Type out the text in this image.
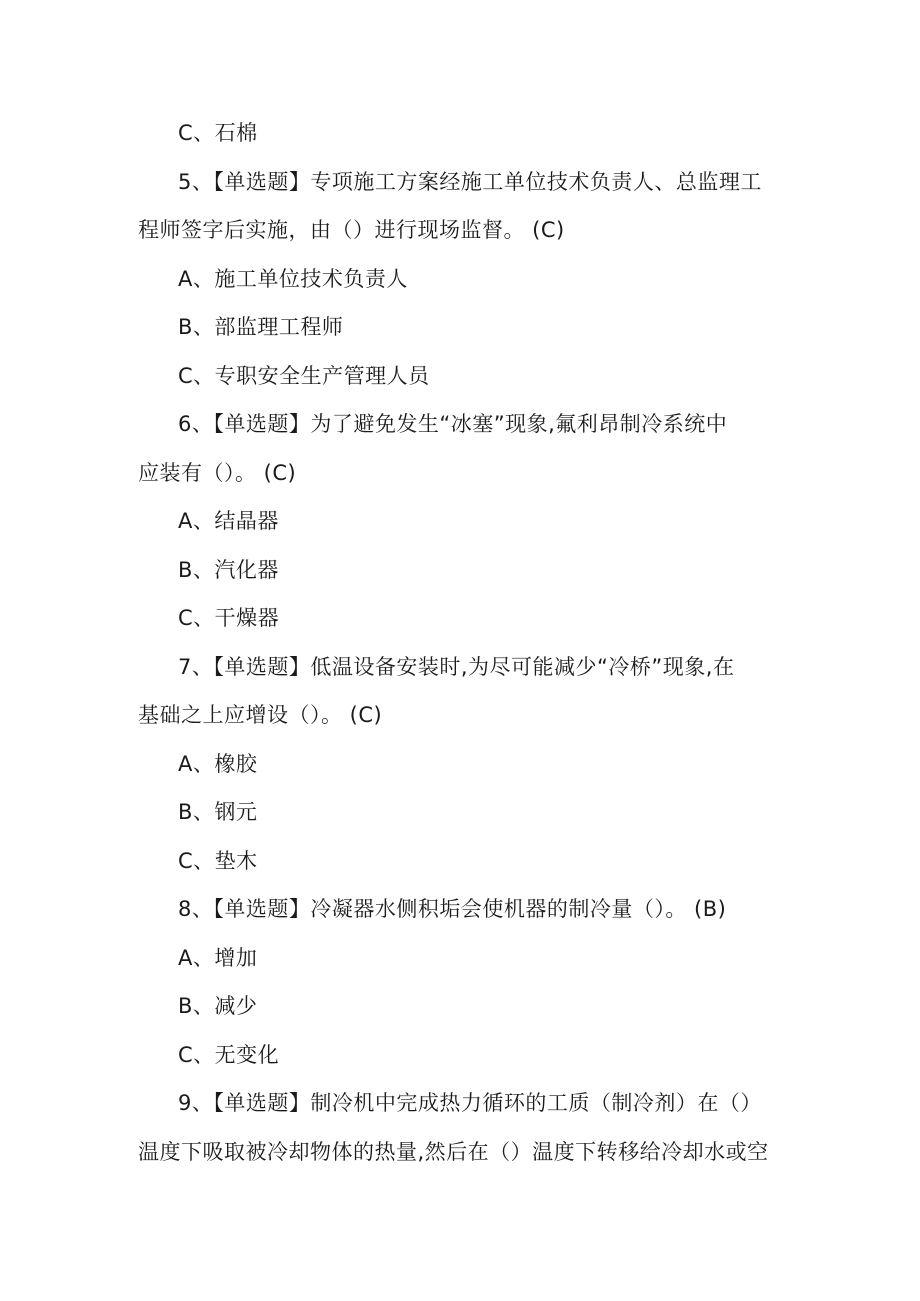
C、石棉
5、【单选题】专项施工方案经施工单位技术负责人、总监理工
程师签字后实施，由（）进行现场监督。 (C)
A、施工单位技术负责人
B、部监理工程师
C、专职安全生产管理人员
6、【单选题】为了避免发生“冰塞”现象,氟利昂制冷系统中
应装有（）。 (C)
A、结晶器
B、汽化器
C、干燥器
7、【单选题】低温设备安装时,为尽可能减少“冷桥”现象,在
基础之上应增设（）。 (C)
A、橡胶
B、钢元
C、垫木
8、【单选题】冷凝器水侧积垢会使机器的制冷量（）。 (B)
A、增加
B、减少
C、无变化
9、【单选题】制冷机中完成热力循环的工质（制冷剂）在（）
温度下吸取被冷却物体的热量,然后在（）温度下转移给冷却水或空
